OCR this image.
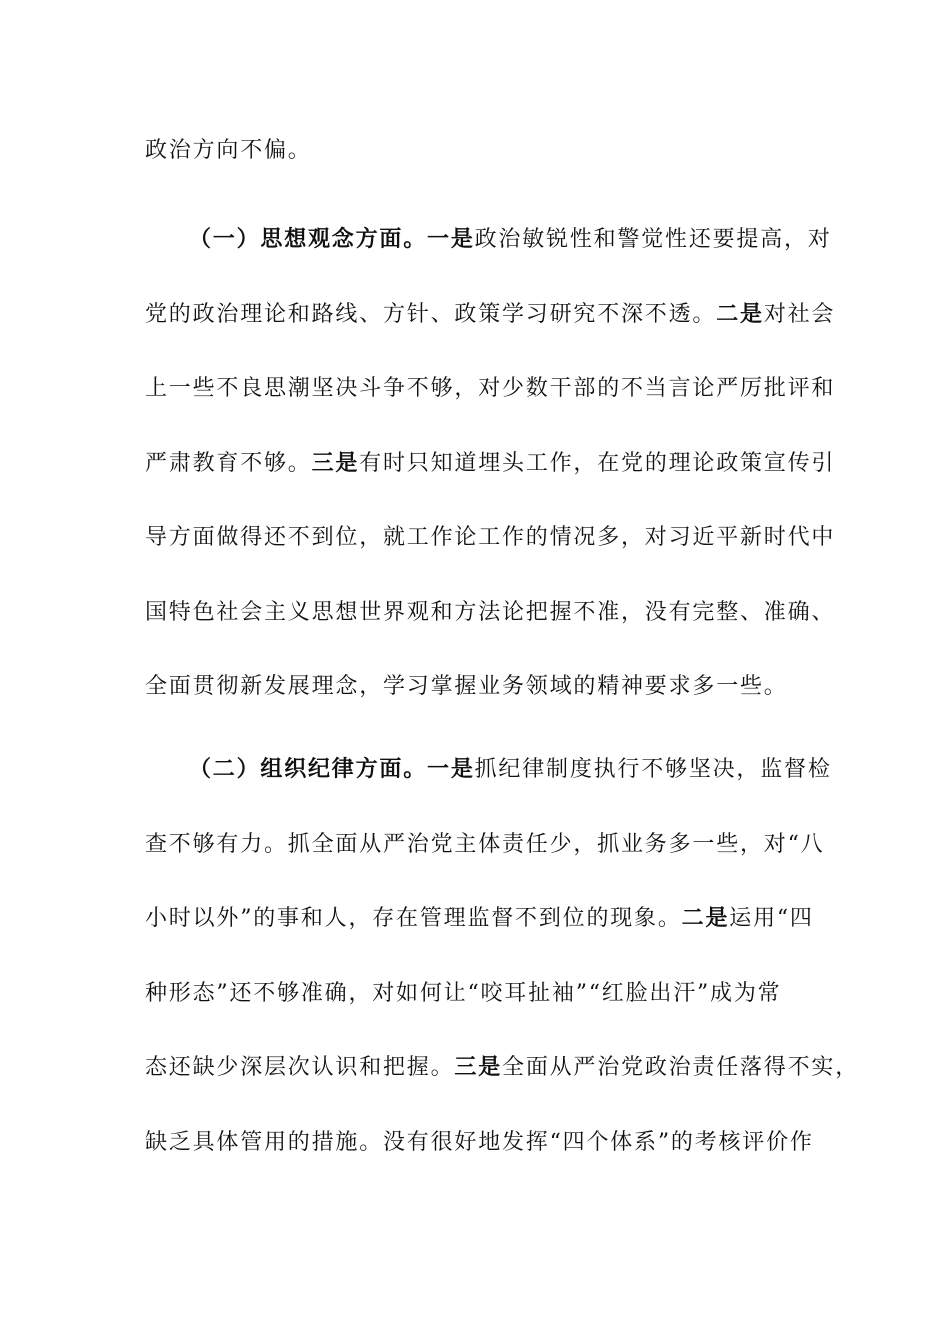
政治方向不偏。
（一）思想观念方面。一是政治敏锐性和警觉性还要提高，对
党的政治理论和路线、方针、政策学习研究不深不透。二是对社会
上一些不良思潮坚决斗争不够，对少数干部的不当言论严厉批评和
严肃教育不够。三是有时只知道埋头工作，在党的理论政策宣传引
导方面做得还不到位，就工作论工作的情况多，对习近平新时代中
国特色社会主义思想世界观和方法论把握不准，没有完整、准确、
全面贯彻新发展理念，学习掌握业务领域的精神要求多一些。
（二）组织纪律方面。一是抓纪律制度执行不够坚决，监督检
查不够有力。抓全面从严治党主体责任少，抓业务多一些，对“八
小时以外”的事和人，存在管理监督不到位的现象。二是运用“四
种形态”还不够准确，对如何让“咬耳扯袖”“红脸出汗”成为常
态还缺少深层次认识和把握。三是全面从严治党政治责任落得不实，
缺乏具体管用的措施。没有很好地发挥“四个体系”的考核评价作
